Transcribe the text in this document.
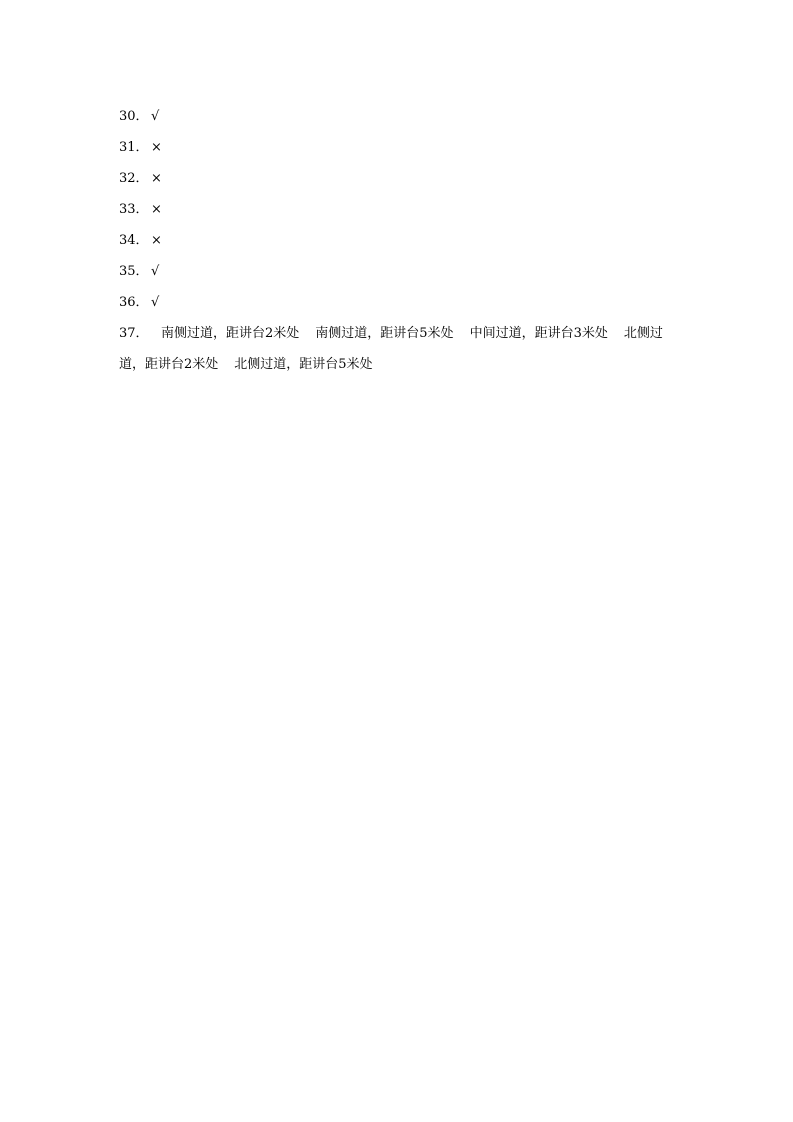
30． √
31． ×
32． ×
33． ×
34． ×
35． √
36． √
37． 南侧过道，距讲台2米处 南侧过道，距讲台5米处 中间过道，距讲台3米处 北侧过道，距讲台2米处 北侧过道，距讲台5米处
